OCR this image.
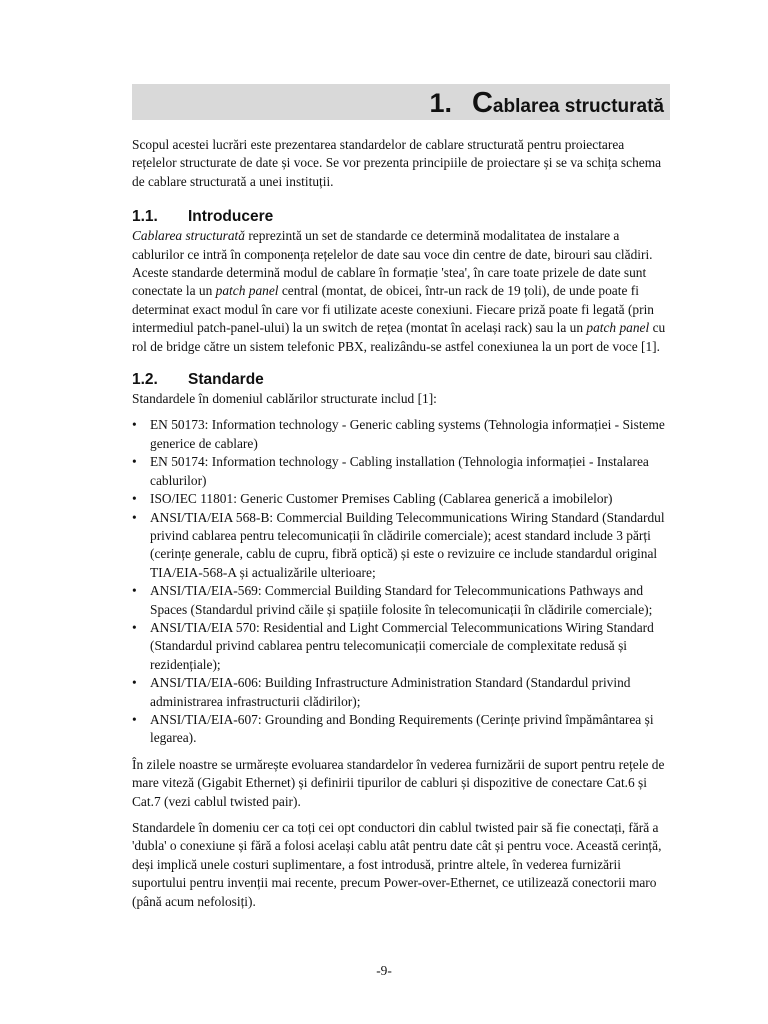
1. Cablarea structurată

Scopul acestei lucrări este prezentarea standardelor de cablare structurată pentru proiectarea rețelelor structurate de date și voce. Se vor prezenta principiile de proiectare și se va schița schema de cablare structurată a unei instituții.

1.1. Introducere

Cablarea structurată reprezintă un set de standarde ce determină modalitatea de instalare a cablurilor ce intră în componența rețelelor de date sau voce din centre de date, birouri sau clădiri. Aceste standarde determină modul de cablare în formație 'stea', în care toate prizele de date sunt conectate la un patch panel central (montat, de obicei, într-un rack de 19 țoli), de unde poate fi determinat exact modul în care vor fi utilizate aceste conexiuni. Fiecare priză poate fi legată (prin intermediul patch-panel-ului) la un switch de rețea (montat în același rack) sau la un patch panel cu rol de bridge către un sistem telefonic PBX, realizându-se astfel conexiunea la un port de voce [1].

1.2. Standarde

Standardele în domeniul cablărilor structurate includ [1]:

• EN 50173: Information technology - Generic cabling systems (Tehnologia informației - Sisteme generice de cablare)
• EN 50174: Information technology - Cabling installation (Tehnologia informației - Instalarea cablurilor)
• ISO/IEC 11801: Generic Customer Premises Cabling (Cablarea generică a imobilelor)
• ANSI/TIA/EIA 568-B: Commercial Building Telecommunications Wiring Standard (Standardul privind cablarea pentru telecomunicații în clădirile comerciale); acest standard include 3 părți (cerințe generale, cablu de cupru, fibră optică) și este o revizuire ce include standardul original TIA/EIA-568-A și actualizările ulterioare;
• ANSI/TIA/EIA-569: Commercial Building Standard for Telecommunications Pathways and Spaces (Standardul privind căile și spațiile folosite în telecomunicații în clădirile comerciale);
• ANSI/TIA/EIA 570: Residential and Light Commercial Telecommunications Wiring Standard (Standardul privind cablarea pentru telecomunicații comerciale de complexitate redusă și rezidențiale);
• ANSI/TIA/EIA-606: Building Infrastructure Administration Standard (Standardul privind administrarea infrastructurii clădirilor);
• ANSI/TIA/EIA-607: Grounding and Bonding Requirements (Cerințe privind împământarea și legarea).

În zilele noastre se urmărește evoluarea standardelor în vederea furnizării de suport pentru rețele de mare viteză (Gigabit Ethernet) și definirii tipurilor de cabluri și dispozitive de conectare Cat.6 și Cat.7 (vezi cablul twisted pair).

Standardele în domeniu cer ca toți cei opt conductori din cablul twisted pair să fie conectați, fără a 'dubla' o conexiune și fără a folosi același cablu atât pentru date cât și pentru voce. Această cerință, deși implică unele costuri suplimentare, a fost introdusă, printre altele, în vederea furnizării suportului pentru invenții mai recente, precum Power-over-Ethernet, ce utilizează conectorii maro (până acum nefolosiți).

-9-
